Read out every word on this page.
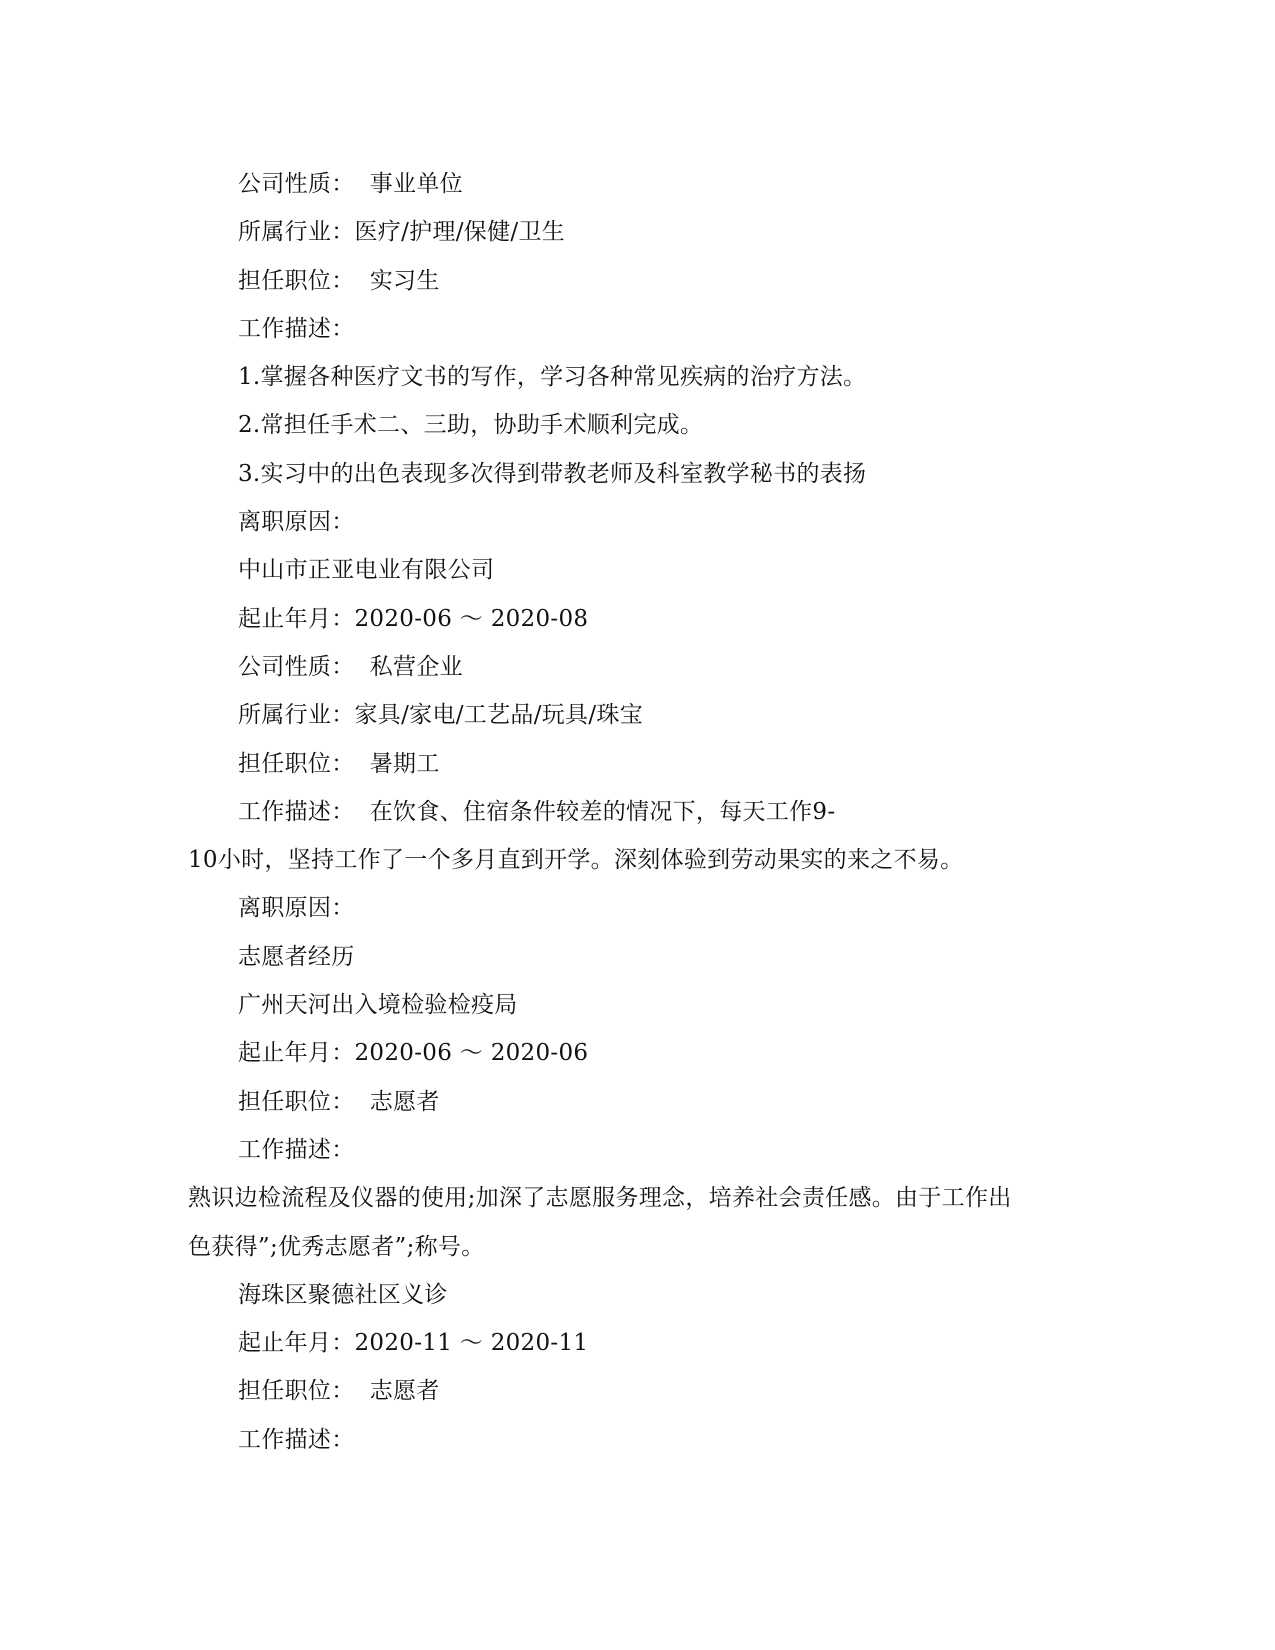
公司性质：  事业单位
所属行业：医疗/护理/保健/卫生
担任职位：  实习生
工作描述：
1.掌握各种医疗文书的写作，学习各种常见疾病的治疗方法。
2.常担任手术二、三助，协助手术顺利完成。
3.实习中的出色表现多次得到带教老师及科室教学秘书的表扬
离职原因：
中山市正亚电业有限公司
起止年月：2020-06 ～ 2020-08
公司性质：  私营企业
所属行业：家具/家电/工艺品/玩具/珠宝
担任职位：  暑期工
工作描述：  在饮食、住宿条件较差的情况下，每天工作9-
10小时，坚持工作了一个多月直到开学。深刻体验到劳动果实的来之不易。
离职原因：
志愿者经历
广州天河出入境检验检疫局
起止年月：2020-06 ～ 2020-06
担任职位：  志愿者
工作描述：
熟识边检流程及仪器的使用;加深了志愿服务理念，培养社会责任感。由于工作出
色获得”;优秀志愿者”;称号。
海珠区聚德社区义诊
起止年月：2020-11 ～ 2020-11
担任职位：  志愿者
工作描述：
